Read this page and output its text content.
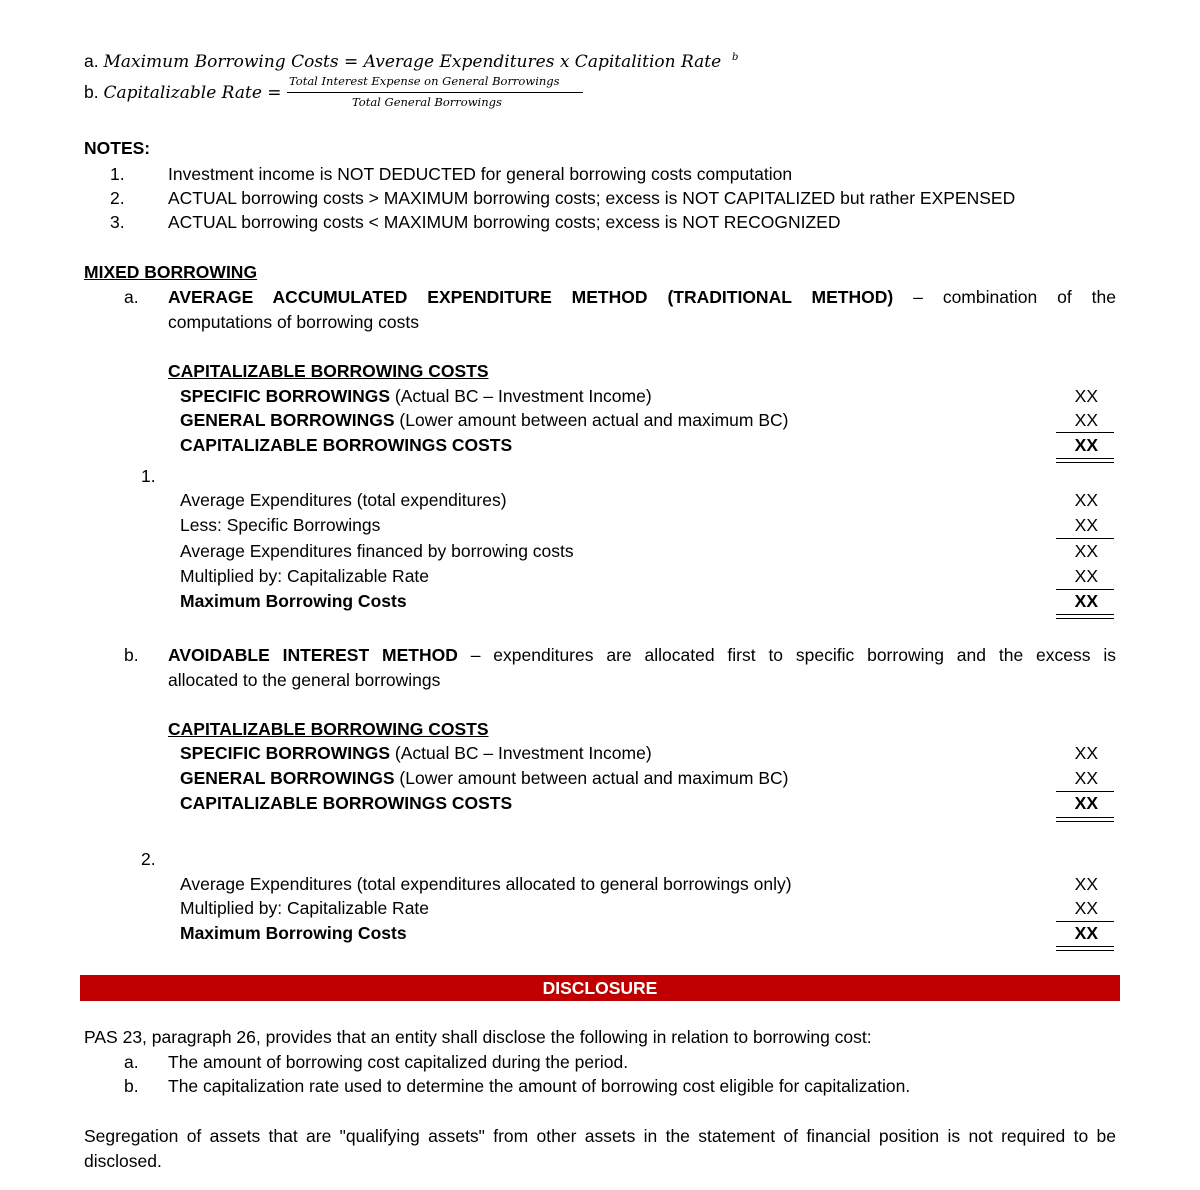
a. Maximum Borrowing Costs = Average Expenditures x Capitalition Rate b
b. Capitalizable Rate =
Total Interest Expense on General Borrowings
Total General Borrowings
NOTES:
1. Investment income is NOT DEDUCTED for general borrowing costs computation
2. ACTUAL borrowing costs > MAXIMUM borrowing costs; excess is NOT CAPITALIZED but rather EXPENSED
3. ACTUAL borrowing costs < MAXIMUM borrowing costs; excess is NOT RECOGNIZED
MIXED BORROWING
a. AVERAGE ACCUMULATED EXPENDITURE METHOD (TRADITIONAL METHOD) – combination of the
computations of borrowing costs
CAPITALIZABLE BORROWING COSTS
SPECIFIC BORROWINGS (Actual BC – Investment Income)	XX
GENERAL BORROWINGS (Lower amount between actual and maximum BC)	XX
CAPITALIZABLE BORROWINGS COSTS	XX
1.
Average Expenditures (total expenditures)	XX
Less: Specific Borrowings	XX
Average Expenditures financed by borrowing costs	XX
Multiplied by: Capitalizable Rate	XX
Maximum Borrowing Costs	XX
b. AVOIDABLE INTEREST METHOD – expenditures are allocated first to specific borrowing and the excess is
allocated to the general borrowings
CAPITALIZABLE BORROWING COSTS
SPECIFIC BORROWINGS (Actual BC – Investment Income)	XX
GENERAL BORROWINGS (Lower amount between actual and maximum BC)	XX
CAPITALIZABLE BORROWINGS COSTS	XX
2.
Average Expenditures (total expenditures allocated to general borrowings only)	XX
Multiplied by: Capitalizable Rate	XX
Maximum Borrowing Costs	XX
DISCLOSURE
PAS 23, paragraph 26, provides that an entity shall disclose the following in relation to borrowing cost:
a. The amount of borrowing cost capitalized during the period.
b. The capitalization rate used to determine the amount of borrowing cost eligible for capitalization.
Segregation of assets that are "qualifying assets" from other assets in the statement of financial position is not required to be
disclosed.
